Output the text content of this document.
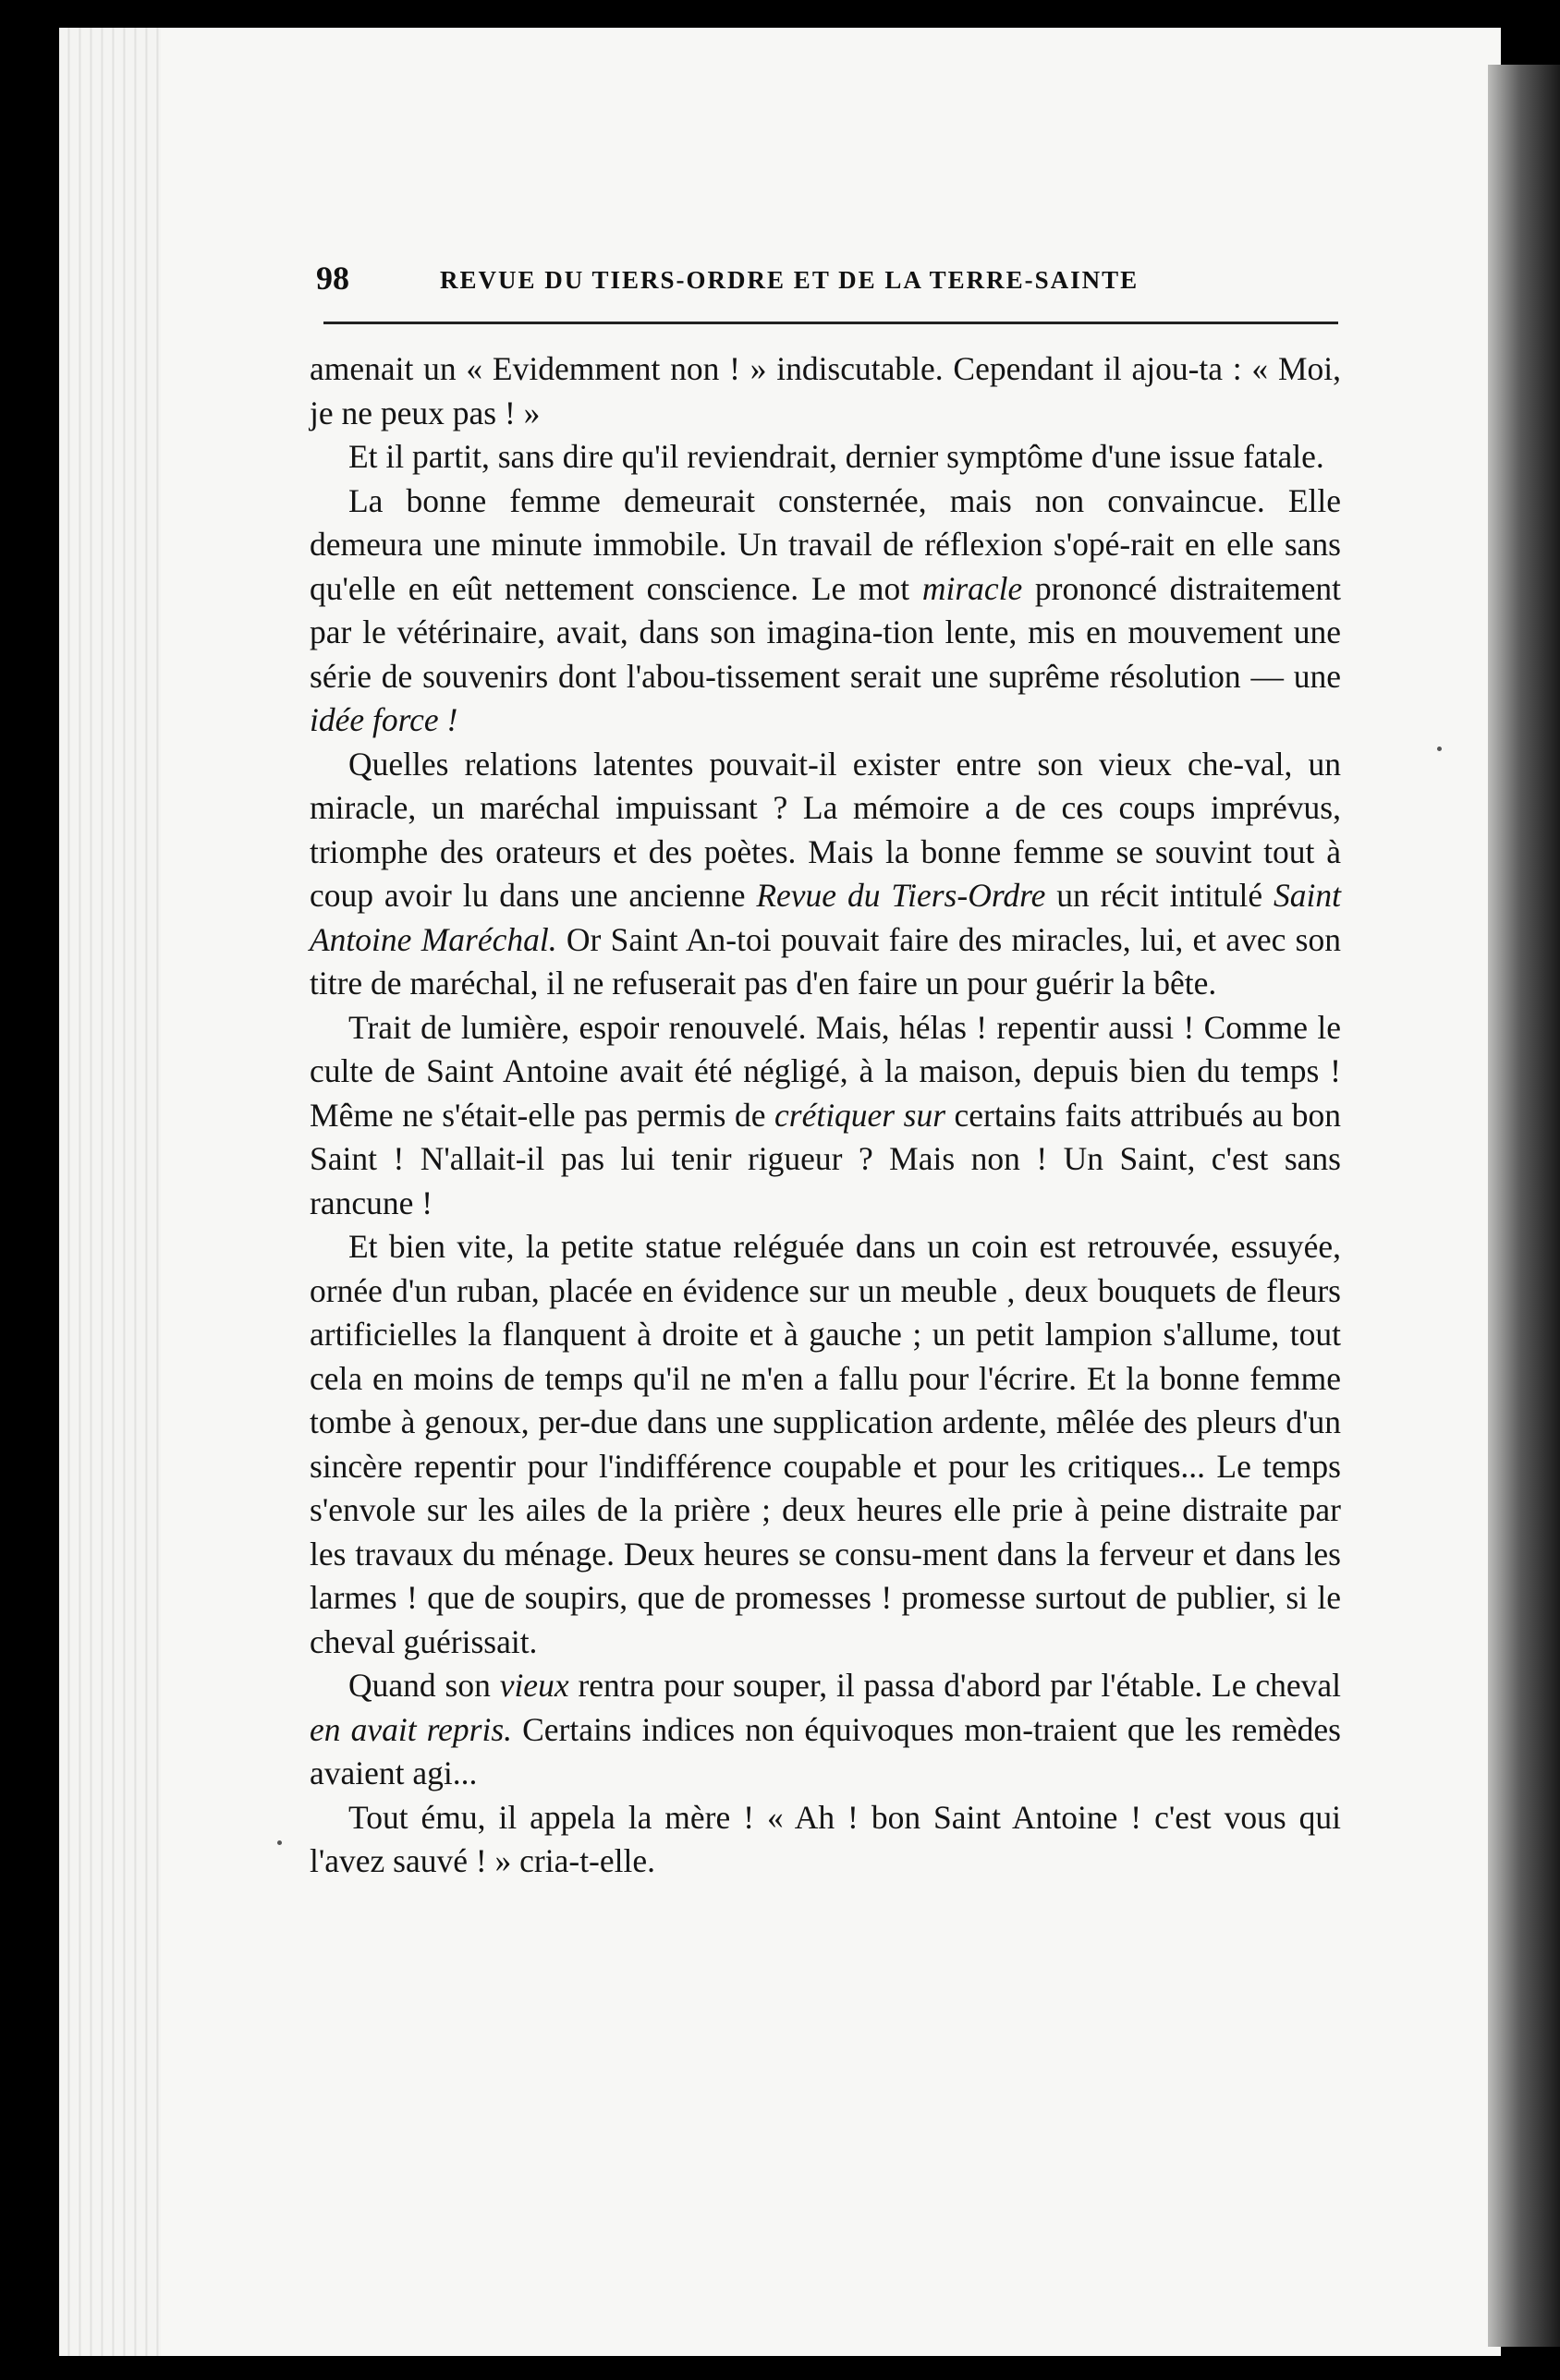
98	REVUE DU TIERS-ORDRE ET DE LA TERRE-SAINTE

amenait un « Evidemment non ! » indiscutable. Cependant il ajou-ta : « Moi, je ne peux pas ! »

Et il partit, sans dire qu'il reviendrait, dernier symptôme d'une issue fatale.

La bonne femme demeurait consternée, mais non convaincue. Elle demeura une minute immobile. Un travail de réflexion s'opé-rait en elle sans qu'elle en eût nettement conscience. Le mot miracle prononcé distraitement par le vétérinaire, avait, dans son imagina-tion lente, mis en mouvement une série de souvenirs dont l'abou-tissement serait une suprême résolution — une idée force !

Quelles relations latentes pouvait-il exister entre son vieux che-val, un miracle, un maréchal impuissant ? La mémoire a de ces coups imprévus, triomphe des orateurs et des poètes. Mais la bonne femme se souvint tout à coup avoir lu dans une ancienne Revue du Tiers-Ordre un récit intitulé Saint Antoine Maréchal. Or Saint An-toi pouvait faire des miracles, lui, et avec son titre de maréchal, il ne refuserait pas d'en faire un pour guérir la bête.

Trait de lumière, espoir renouvelé. Mais, hélas ! repentir aussi ! Comme le culte de Saint Antoine avait été négligé, à la maison, depuis bien du temps ! Même ne s'était-elle pas permis de crétiquer sur certains faits attribués au bon Saint ! N'allait-il pas lui tenir rigueur ? Mais non ! Un Saint, c'est sans rancune !

Et bien vite, la petite statue reléguée dans un coin est retrouvée, essuyée, ornée d'un ruban, placée en évidence sur un meuble , deux bouquets de fleurs artificielles la flanquent à droite et à gauche ; un petit lampion s'allume, tout cela en moins de temps qu'il ne m'en a fallu pour l'écrire. Et la bonne femme tombe à genoux, per-due dans une supplication ardente, mêlée des pleurs d'un sincère repentir pour l'indifférence coupable et pour les critiques... Le temps s'envole sur les ailes de la prière ; deux heures elle prie à peine distraite par les travaux du ménage. Deux heures se consu-ment dans la ferveur et dans les larmes ! que de soupirs, que de promesses ! promesse surtout de publier, si le cheval guérissait.

Quand son vieux rentra pour souper, il passa d'abord par l'étable. Le cheval en avait repris. Certains indices non équivoques mon-traient que les remèdes avaient agi...

Tout ému, il appela la mère ! « Ah ! bon Saint Antoine ! c'est vous qui l'avez sauvé ! » cria-t-elle.
